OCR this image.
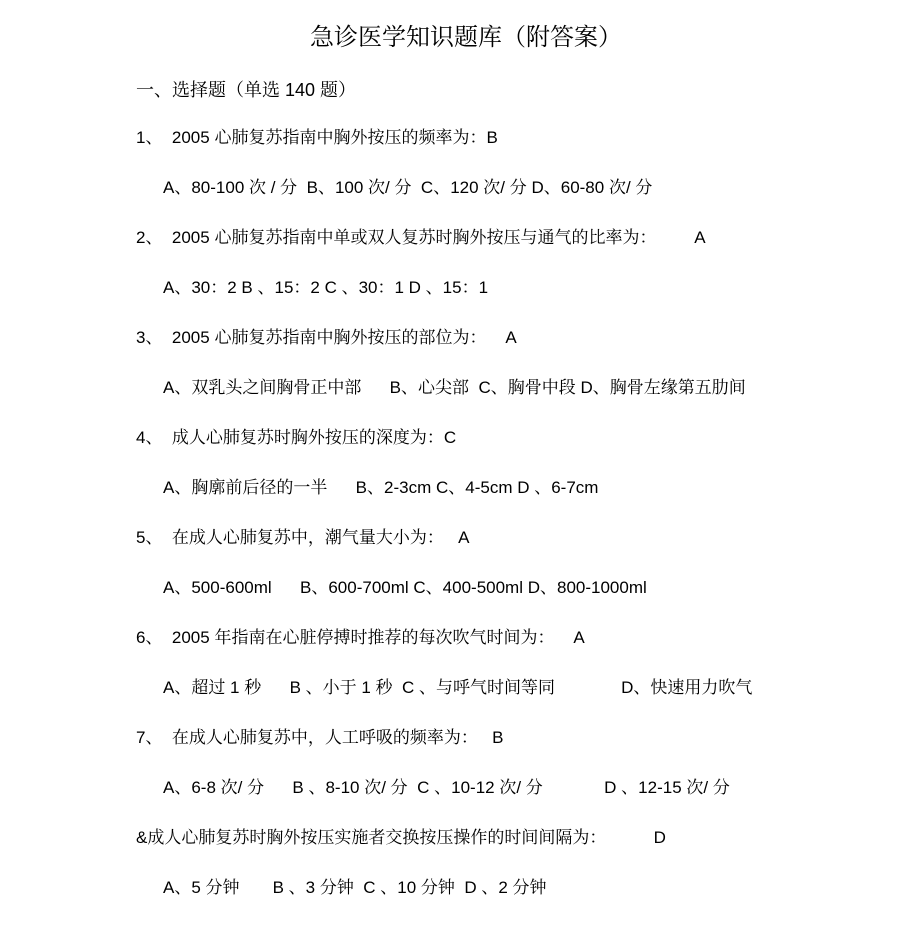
急诊医学知识题库（附答案）
一、选择题（单选 140 题）

1、  2005 心肺复苏指南中胸外按压的频率为：B

A、80-100 次 / 分  B、100 次/ 分  C、120 次/ 分 D、60-80 次/ 分

2、  2005 心肺复苏指南中单或双人复苏时胸外按压与通气的比率为：        A

A、30：2 B 、15：2 C 、30：1 D 、15：1

3、  2005 心肺复苏指南中胸外按压的部位为：    A

A、双乳头之间胸骨正中部      B、心尖部  C、胸骨中段 D、胸骨左缘第五肋间

4、  成人心肺复苏时胸外按压的深度为：C

A、胸廓前后径的一半      B、2-3cm C、4-5cm D 、6-7cm

5、  在成人心肺复苏中，潮气量大小为：   A

A、500-600ml      B、600-700ml C、400-500ml D、800-1000ml

6、  2005 年指南在心脏停搏时推荐的每次吹气时间为：    A

A、超过 1 秒      B 、小于 1 秒  C 、与呼气时间等同              D、快速用力吹气

7、  在成人心肺复苏中，人工呼吸的频率为：   B

A、6-8 次/ 分      B 、8-10 次/ 分  C 、10-12 次/ 分             D 、12-15 次/ 分

&成人心肺复苏时胸外按压实施者交换按压操作的时间间隔为：          D

A、5 分钟       B 、3 分钟  C 、10 分钟  D 、2 分钟
